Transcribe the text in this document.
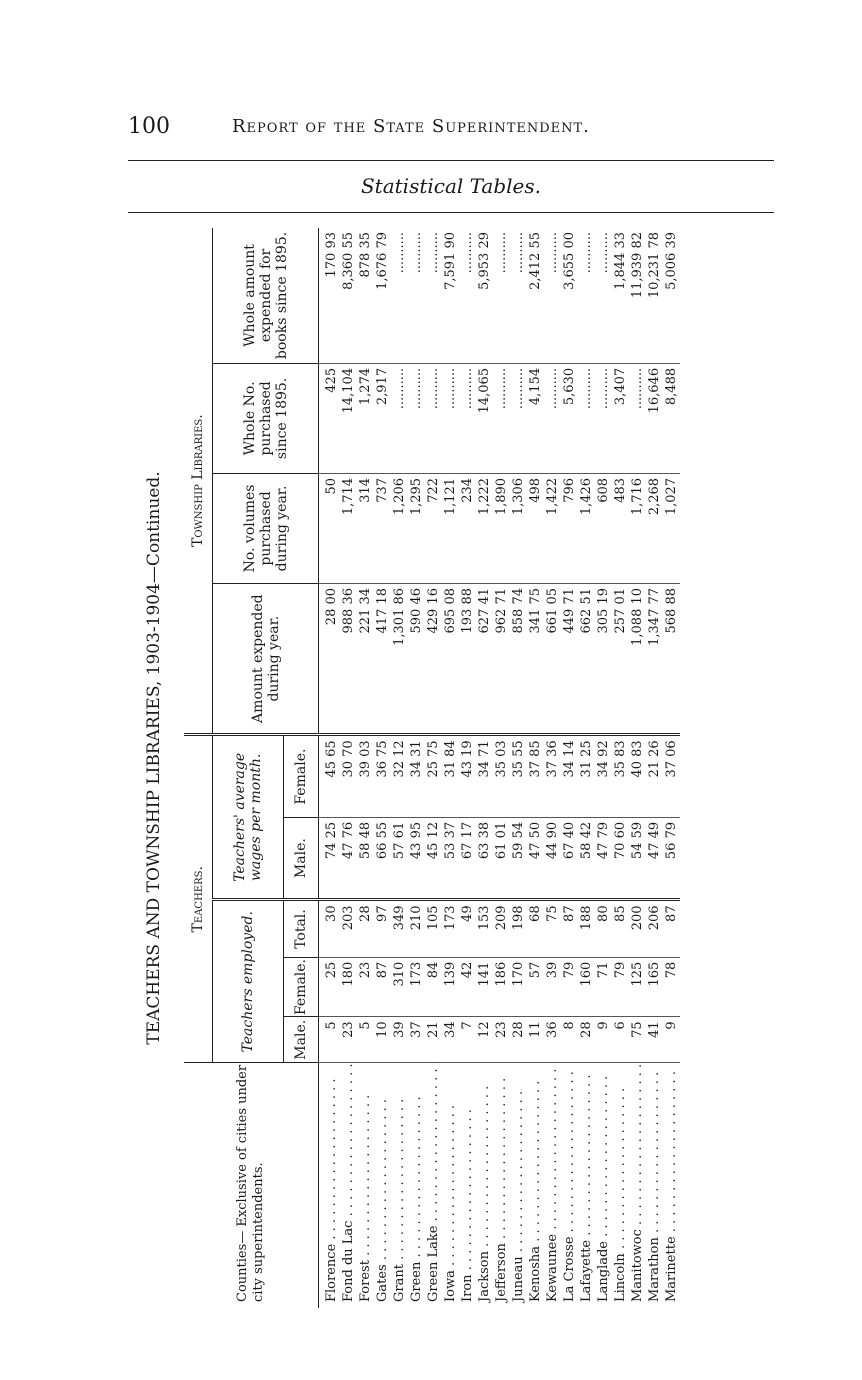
100	Report of the State Superintendent.
Statistical Tables.
TEACHERS AND TOWNSHIP LIBRARIES, 1903-1904—Continued.
Counties— Exclusive of cities under city superintendents.	Teachers.					Township Libraries.			
	Teachers employed.			Teachers' average wages per month.		Amount expended during year.	No. volumes purchased during year.	Whole No. purchased since 1895.	Whole amount expended for books since 1895.
	Male.	Female.	Total.	Male.	Female.				
Florence . . .	5	25	30	74 25	45 65	28 00	50	425	170 93
Fond du Lac . . .	23	180	203	47 76	30 70	988 36	1,714	14,104	8,360 55
Forest . . .	5	23	28	58 48	39 03	221 34	314	1,274	878 35
Gates . . .	10	87	97	66 55	36 75	417 18	737	2,917	1,676 79
Grant . . .	39	310	349	57 61	32 12	1,301 86	1,206	..........	..........
Green . . .	37	173	210	43 95	34 31	590 46	1,295	..........	..........
Green Lake . . .	21	84	105	45 12	25 75	429 16	722	..........	..........
Iowa . . .	34	139	173	53 37	31 84	695 08	1,121	..........	7,591 90
Iron . . .	7	42	49	67 17	43 19	193 88	234	..........	..........
Jackson . . .	12	141	153	63 38	34 71	627 41	1,222	14,065	5,953 29
Jefferson . . .	23	186	209	61 01	35 03	962 71	1,890	..........	..........
Juneau . . .	28	170	198	59 54	35 55	858 74	1,306	..........	..........
Kenosha . . .	11	57	68	47 50	37 85	341 75	498	4,154	2,412 55
Kewaunee . . .	36	39	75	44 90	37 36	661 05	1,422	..........	..........
La Crosse . . .	8	79	87	67 40	34 14	449 71	796	5,630	3,655 00
Lafayette . . .	28	160	188	58 42	31 25	662 51	1,426	..........	..........
Langlade . . .	9	71	80	47 79	34 92	305 19	608	..........	..........
Lincoln . . .	6	79	85	70 60	35 83	257 01	483	3,407	1,844 33
Manitowoc . . .	75	125	200	54 59	40 83	1,088 10	1,716	..........	11,939 82
Marathon . . .	41	165	206	47 49	21 26	1,347 77	2,268	16,646	10,231 78
Marinette . . .	9	78	87	56 79	37 06	568 88	1,027	8,488	5,006 39
